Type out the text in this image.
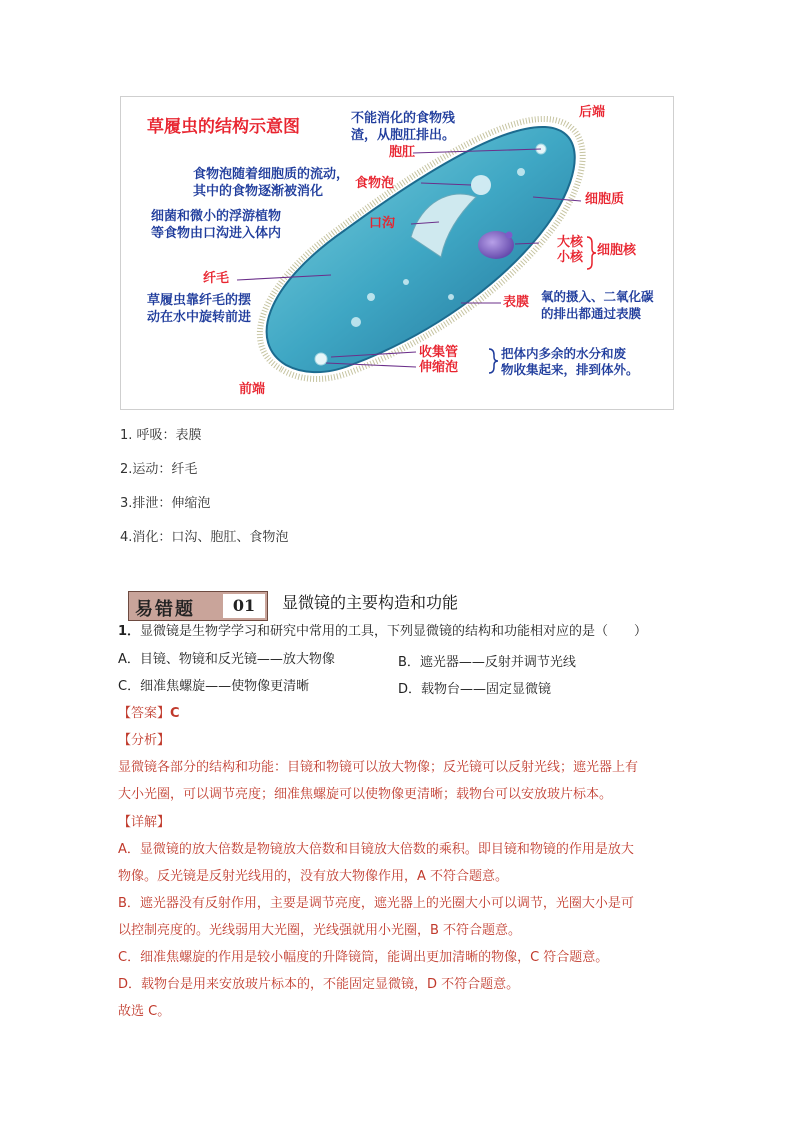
草履虫的结构示意图
后端
前端
不能消化的食物残
渣，从胞肛排出。
胞肛
食物泡随着细胞质的流动，
其中的食物逐渐被消化
食物泡
细菌和微小的浮游植物
等食物由口沟进入体内
口沟
纤毛
草履虫靠纤毛的摆
动在水中旋转前进
细胞质
大核
小核 细胞核
表膜 氧的摄入、二氧化碳
的排出都通过表膜
收集管
伸缩泡
把体内多余的水分和废
物收集起来，排到体外。
1. 呼吸：表膜
2.运动：纤毛
3.排泄：伸缩泡
4.消化：口沟、胞肛、食物泡
易错题	01	显微镜的主要构造和功能
1．显微镜是生物学学习和研究中常用的工具，下列显微镜的结构和功能相对应的是（　　）
A．目镜、物镜和反光镜——放大物像	B．遮光器——反射并调节光线
C．细准焦螺旋——使物像更清晰	D．载物台——固定显微镜
【答案】C
【分析】
显微镜各部分的结构和功能：目镜和物镜可以放大物像；反光镜可以反射光线；遮光器上有
大小光圈，可以调节亮度；细准焦螺旋可以使物像更清晰；载物台可以安放玻片标本。
【详解】
A．显微镜的放大倍数是物镜放大倍数和目镜放大倍数的乘积。即目镜和物镜的作用是放大
物像。反光镜是反射光线用的，没有放大物像作用，A 不符合题意。
B．遮光器没有反射作用，主要是调节亮度，遮光器上的光圈大小可以调节，光圈大小是可
以控制亮度的。光线弱用大光圈，光线强就用小光圈，B 不符合题意。
C．细准焦螺旋的作用是较小幅度的升降镜筒，能调出更加清晰的物像，C 符合题意。
D．载物台是用来安放玻片标本的，不能固定显微镜，D 不符合题意。
故选 C。
